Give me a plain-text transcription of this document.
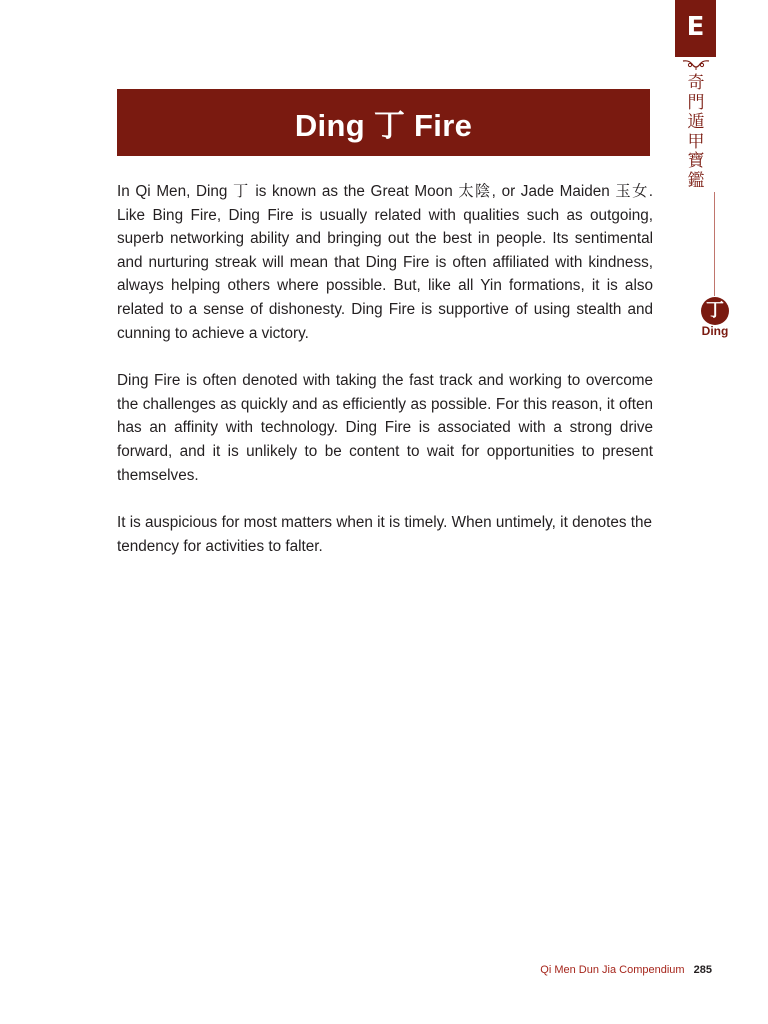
E
奇
門
遁
甲
寶
鑑
丁
Ding
Ding 丁 Fire

In Qi Men, Ding 丁 is known as the Great Moon 太陰, or Jade Maiden 玉女. Like Bing Fire, Ding Fire is usually related with qualities such as outgoing, superb networking ability and bringing out the best in people. Its sentimental and nurturing streak will mean that Ding Fire is often affiliated with kindness, always helping others where possible. But, like all Yin formations, it is also related to a sense of dishonesty. Ding Fire is supportive of using stealth and cunning to achieve a victory.

Ding Fire is often denoted with taking the fast track and working to overcome the challenges as quickly and as efficiently as possible. For this reason, it often has an affinity with technology. Ding Fire is associated with a strong drive forward, and it is unlikely to be content to wait for opportunities to present themselves.

It is auspicious for most matters when it is timely. When untimely, it denotes the tendency for activities to falter.

Qi Men Dun Jia Compendium 285
